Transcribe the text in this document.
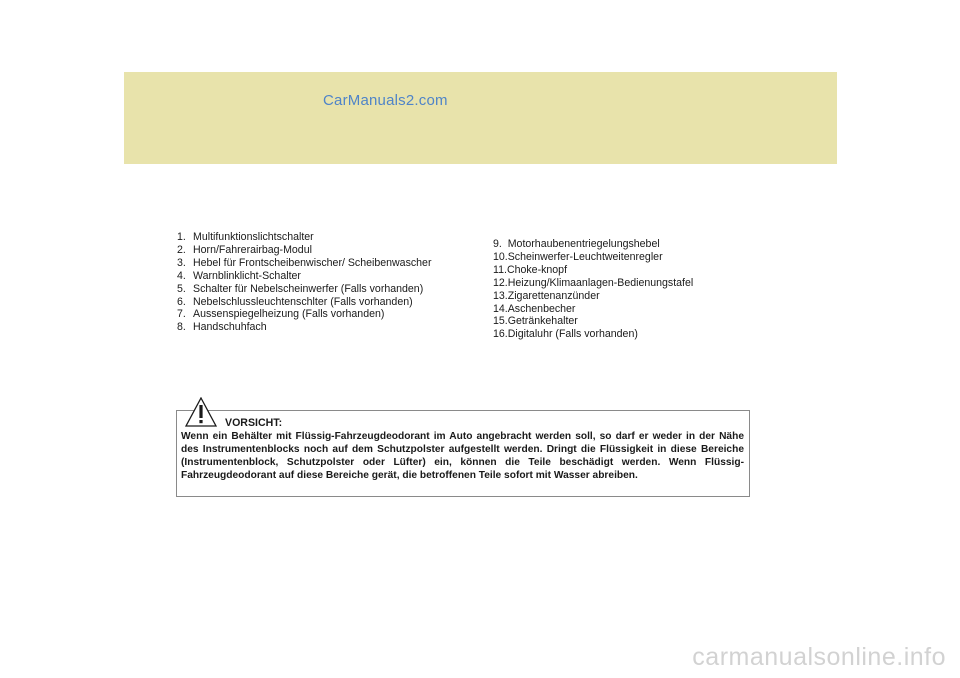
CarManuals2.com
1. Multifunktionslichtschalter
2. Horn/Fahrerairbag-Modul
3. Hebel für Frontscheibenwischer/ Scheibenwascher
4. Warnblinklicht-Schalter
5. Schalter für Nebelscheinwerfer (Falls vorhanden)
6. Nebelschlussleuchtenschlter (Falls vorhanden)
7. Aussenspiegelheizung (Falls vorhanden)
8. Handschuhfach
9.  Motorhaubenentriegelungshebel
10.Scheinwerfer-Leuchtweitenregler
11.Choke-knopf
12.Heizung/Klimaanlagen-Bedienungstafel
13.Zigarettenanzünder
14.Aschenbecher
15.Getränkehalter
16.Digitaluhr (Falls vorhanden)
VORSICHT:

Wenn ein Behälter mit Flüssig-Fahrzeugdeodorant im Auto angebracht werden soll, so darf er weder in der Nähe des Instrumentenblocks noch auf dem Schutzpolster aufgestellt werden. Dringt die Flüssigkeit in diese Bereiche (Instrumentenblock, Schutzpolster oder Lüfter) ein, können die Teile beschädigt werden. Wenn Flüssig-Fahrzeugdeodorant auf diese Bereiche gerät, die betroffenen Teile sofort mit Wasser abreiben.

carmanualsonline.info
